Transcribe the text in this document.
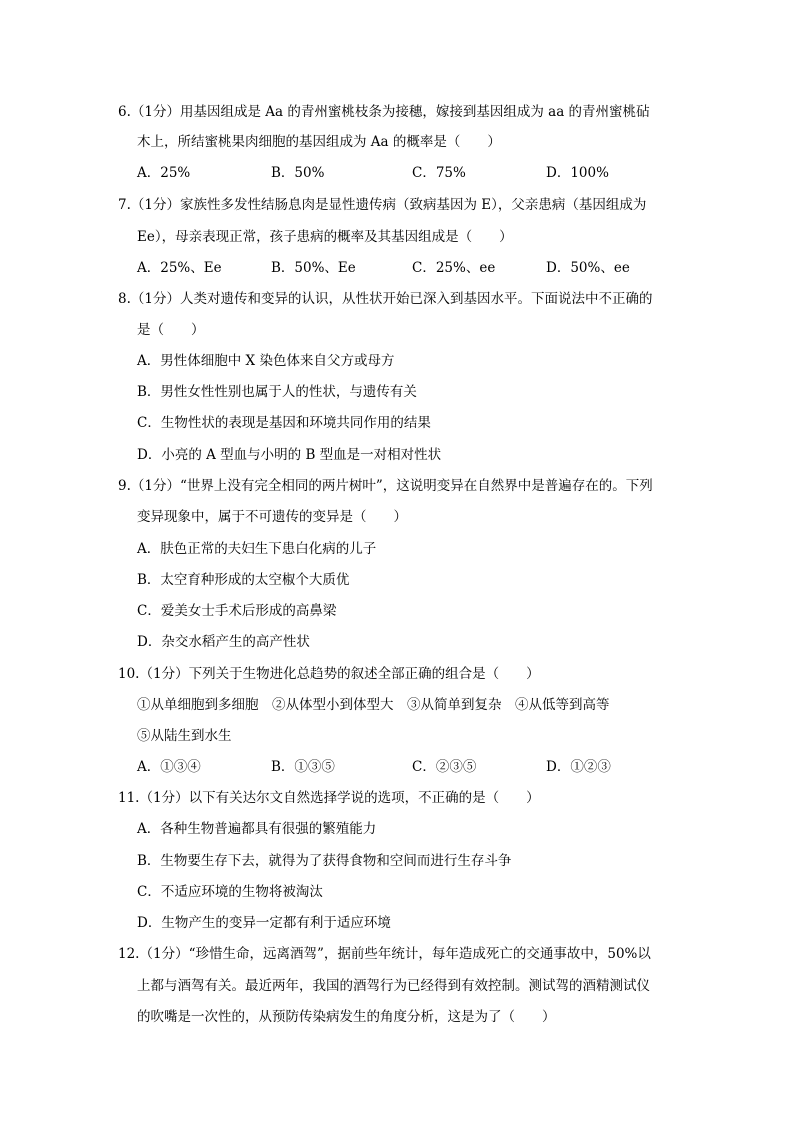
6.（1分）用基因组成是 Aa 的青州蜜桃枝条为接穗，嫁接到基因组成为 aa 的青州蜜桃砧
木上，所结蜜桃果肉细胞的基因组成为 Aa 的概率是（　　）
A．25%	B．50%	C．75%	D．100%
7.（1分）家族性多发性结肠息肉是显性遗传病（致病基因为 E），父亲患病（基因组成为
Ee），母亲表现正常，孩子患病的概率及其基因组成是（　　）
A．25%、Ee	B．50%、Ee	C．25%、ee	D．50%、ee
8.（1分）人类对遗传和变异的认识，从性状开始已深入到基因水平。下面说法中不正确的
是（　　）
A．男性体细胞中 X 染色体来自父方或母方
B．男性女性性别也属于人的性状，与遗传有关
C．生物性状的表现是基因和环境共同作用的结果
D．小亮的 A 型血与小明的 B 型血是一对相对性状
9.（1分）“世界上没有完全相同的两片树叶”，这说明变异在自然界中是普遍存在的。下列
变异现象中，属于不可遗传的变异是（　　）
A．肤色正常的夫妇生下患白化病的儿子
B．太空育种形成的太空椒个大质优
C．爱美女士手术后形成的高鼻梁
D．杂交水稻产生的高产性状
10.（1分）下列关于生物进化总趋势的叙述全部正确的组合是（　　）
①从单细胞到多细胞　②从体型小到体型大　③从简单到复杂　④从低等到高等
⑤从陆生到水生
A．①③④	B．①③⑤	C．②③⑤	D．①②③
11.（1分）以下有关达尔文自然选择学说的选项，不正确的是（　　）
A．各种生物普遍都具有很强的繁殖能力
B．生物要生存下去，就得为了获得食物和空间而进行生存斗争
C．不适应环境的生物将被淘汰
D．生物产生的变异一定都有利于适应环境
12.（1分）“珍惜生命，远离酒驾”，据前些年统计，每年造成死亡的交通事故中，50%以
上都与酒驾有关。最近两年，我国的酒驾行为已经得到有效控制。测试驾的酒精测试仪
的吹嘴是一次性的，从预防传染病发生的角度分析，这是为了（　　）
